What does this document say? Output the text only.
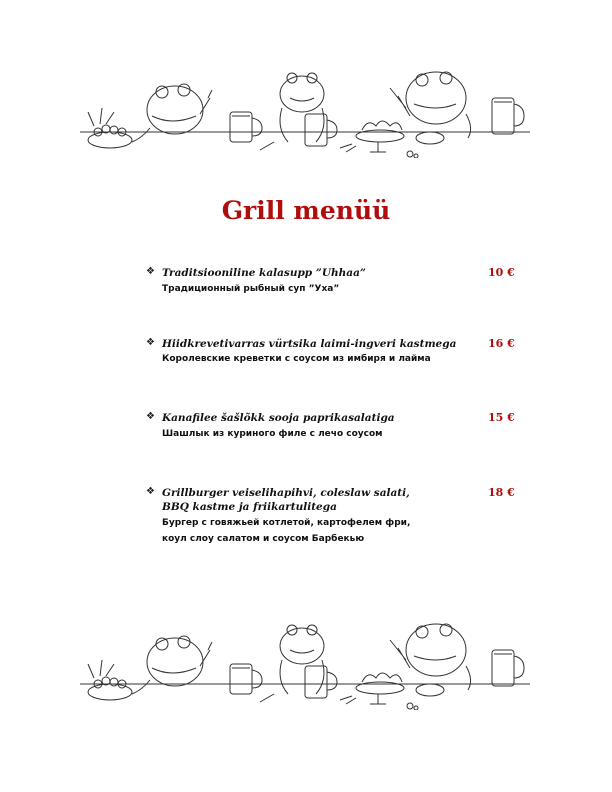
Grill menüü
❖ Traditsiooniline kalasupp ”Uhhaa”
Традиционный рыбный суп ”Уха”
10 €
❖ Hiidkrevetivarras vürtsika laimi-ingveri kastmega
Королевские креветки с соусом из имбиря и лайма
16 €
❖ Kanafilee šašlõkk sooja paprikasalatiga
Шашлык из куриного филе с лечо соусом
15 €
❖ Grillburger veiselihapihvi, coleslaw salati,
BBQ kastme ja friikartulitega
Бургер с говяжьей котлетой, картофелем фри,
коул слоу салатом и соусом Барбекью
18 €
